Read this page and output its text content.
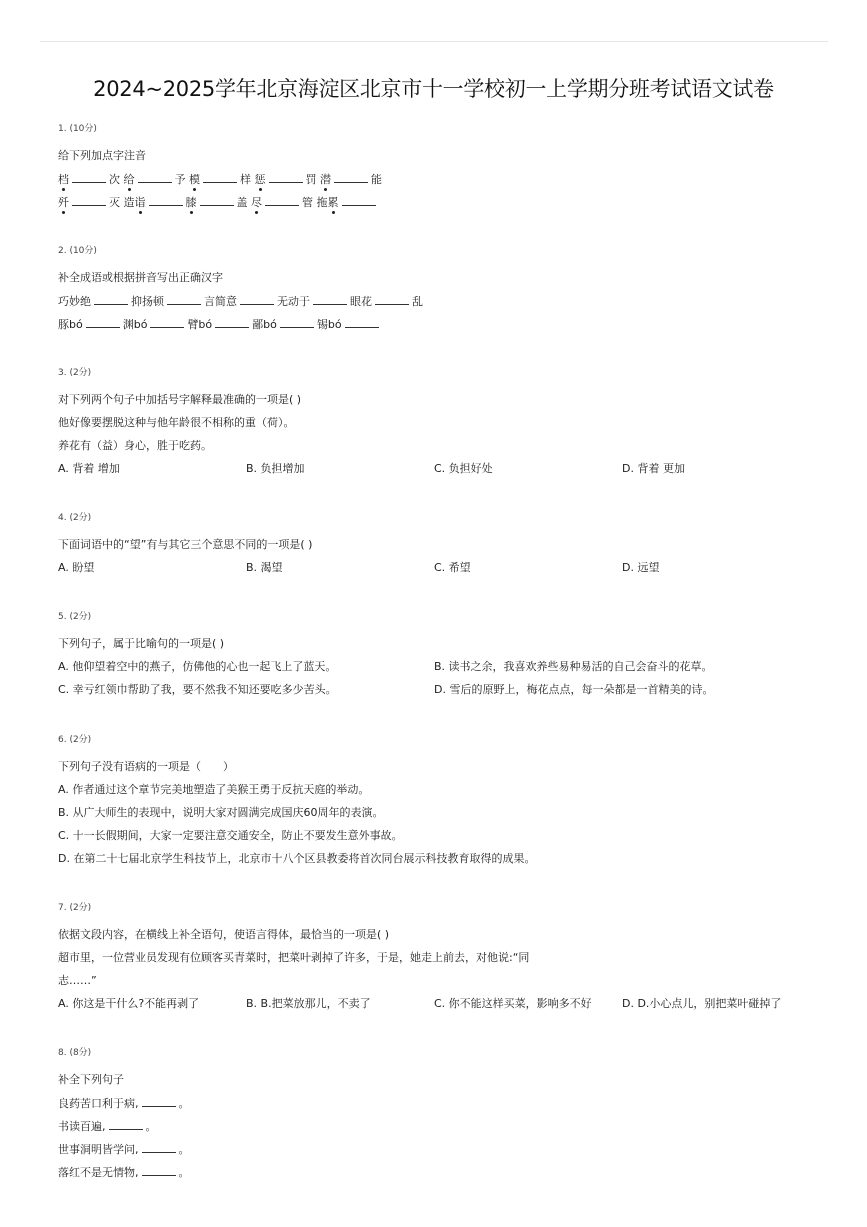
2024~2025学年北京海淀区北京市十一学校初一上学期分班考试语文试卷
1. (10分)
给下列加点字注音
档	次 给	予 模	样 惩	罚 潜	能
歼	灭 造诣	膝	盖 尽	管 拖累
2. (10分)
补全成语或根据拼音写出正确汉字
巧妙绝	抑扬顿	言简意	无动于	眼花	乱
豚bó	渊bó	臂bó	鄙bó	锡bó
3. (2分)
对下列两个句子中加括号字解释最准确的一项是( )
他好像要摆脱这种与他年龄很不相称的重（荷）。
养花有（益）身心，胜于吃药。
A. 背着 增加	B. 负担增加	C. 负担好处	D. 背着 更加
4. (2分)
下面词语中的“望”有与其它三个意思不同的一项是( )
A. 盼望	B. 渴望	C. 希望	D. 远望
5. (2分)
下列句子，属于比喻句的一项是( )
A. 他仰望着空中的燕子，仿佛他的心也一起飞上了蓝天。	B. 读书之余，我喜欢养些易种易活的自己会奋斗的花草。
C. 幸亏红领巾帮助了我，要不然我不知还要吃多少苦头。	D. 雪后的原野上，梅花点点，每一朵都是一首精美的诗。
6. (2分)
下列句子没有语病的一项是（　　）
A. 作者通过这个章节完美地塑造了美猴王勇于反抗天庭的举动。
B. 从广大师生的表现中，说明大家对圆满完成国庆60周年的表演。
C. 十一长假期间，大家一定要注意交通安全，防止不要发生意外事故。
D. 在第二十七届北京学生科技节上，北京市十八个区县教委将首次同台展示科技教育取得的成果。
7. (2分)
依据文段内容，在横线上补全语句，使语言得体，最恰当的一项是( )
超市里，一位营业员发现有位顾客买青菜时，把菜叶剥掉了许多，于是，她走上前去，对他说:“同
志……”
A. 你这是干什么?不能再剥了	B. B.把菜放那儿，不卖了	C. 你不能这样买菜，影响多不好	D. D.小心点儿，别把菜叶碰掉了
8. (8分)
补全下列句子
良药苦口利于病,	。
书读百遍,	。
世事洞明皆学问,	。
落红不是无情物,	。
